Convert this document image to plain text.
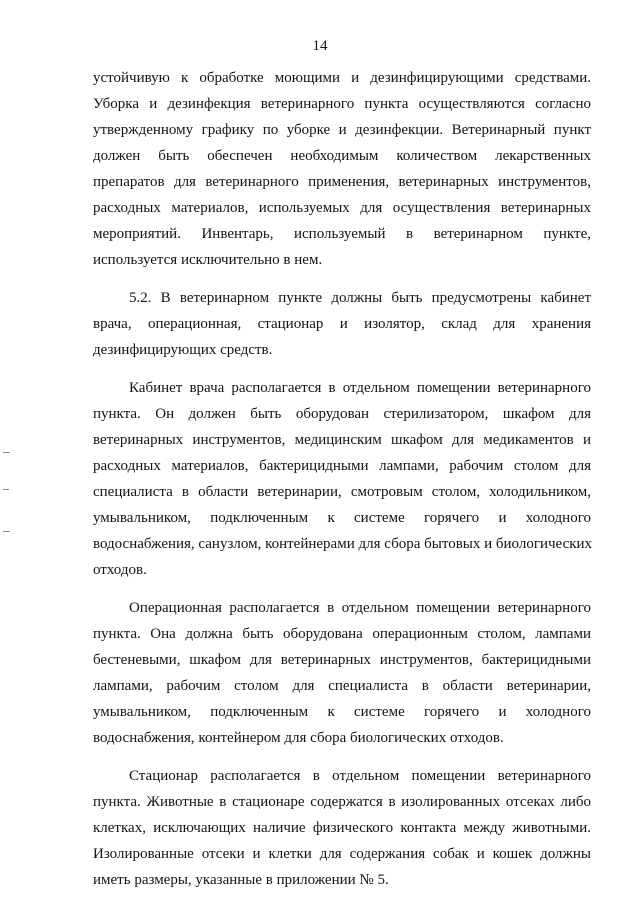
14
устойчивую к обработке моющими и дезинфицирующими средствами.
Уборка и дезинфекция ветеринарного пункта осуществляются согласно
утвержденному графику по уборке и дезинфекции. Ветеринарный пункт
должен быть обеспечен необходимым количеством лекарственных
препаратов для ветеринарного применения, ветеринарных инструментов,
расходных материалов, используемых для осуществления ветеринарных
мероприятий. Инвентарь, используемый в ветеринарном пункте,
используется исключительно в нем.
5.2. В ветеринарном пункте должны быть предусмотрены кабинет
врача, операционная, стационар и изолятор, склад для хранения
дезинфицирующих средств.
Кабинет врача располагается в отдельном помещении ветеринарного
пункта. Он должен быть оборудован стерилизатором, шкафом для
ветеринарных инструментов, медицинским шкафом для медикаментов и
расходных материалов, бактерицидными лампами, рабочим столом для
специалиста в области ветеринарии, смотровым столом, холодильником,
умывальником, подключенным к системе горячего и холодного
водоснабжения, санузлом, контейнерами для сбора бытовых и биологических
отходов.
Операционная располагается в отдельном помещении ветеринарного
пункта. Она должна быть оборудована операционным столом, лампами
бестеневыми, шкафом для ветеринарных инструментов, бактерицидными
лампами, рабочим столом для специалиста в области ветеринарии,
умывальником, подключенным к системе горячего и холодного
водоснабжения, контейнером для сбора биологических отходов.
Стационар располагается в отдельном помещении ветеринарного
пункта. Животные в стационаре содержатся в изолированных отсеках либо
клетках, исключающих наличие физического контакта между животными.
Изолированные отсеки и клетки для содержания собак и кошек должны
иметь размеры, указанные в приложении № 5.
